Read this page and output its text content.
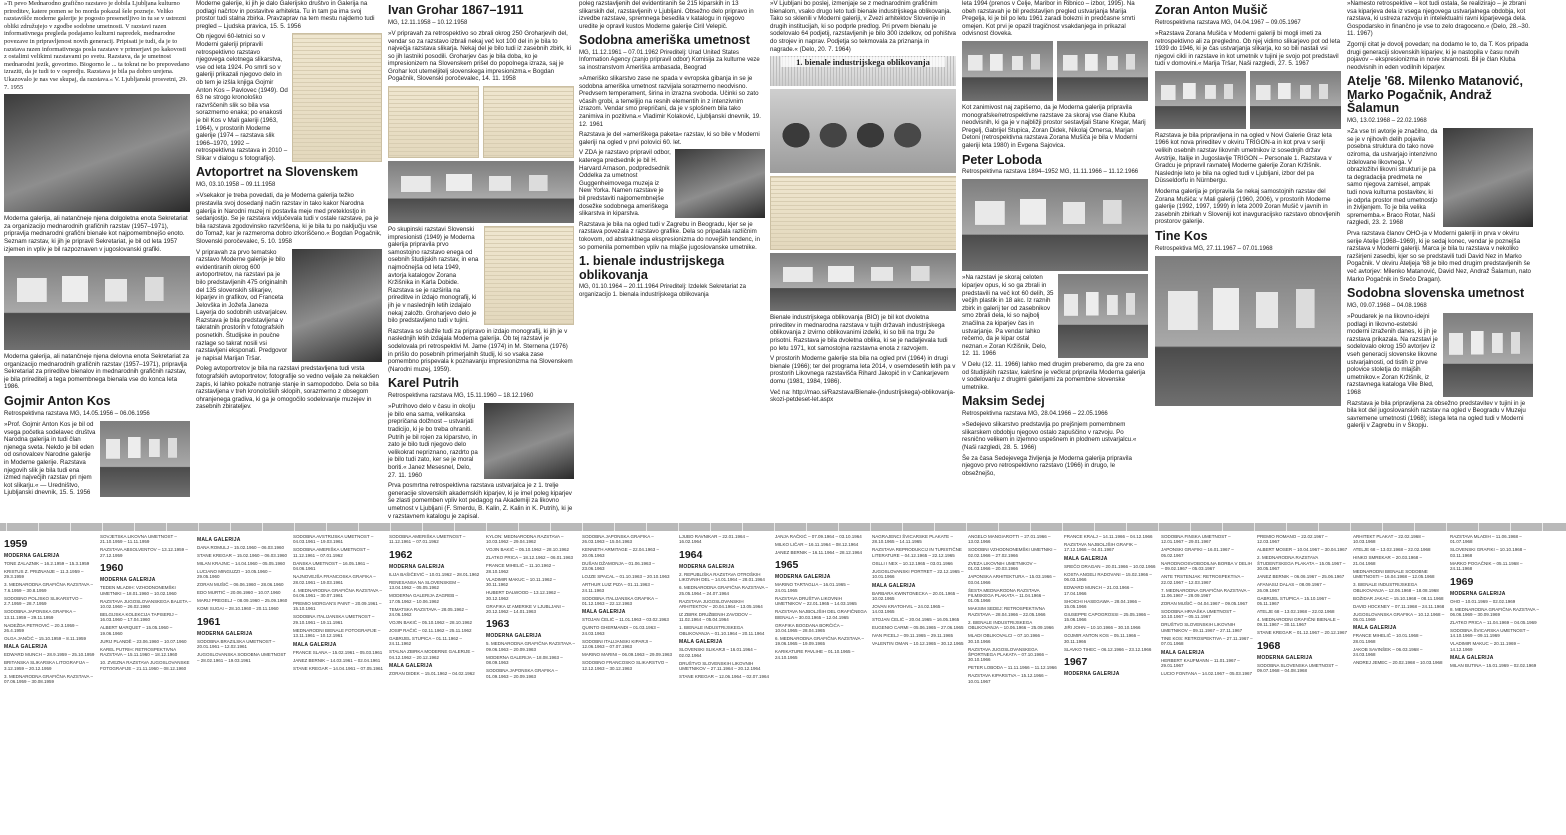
»Ti pevo Mednarodno grafično razstavo je dobila Ljubljana kulturno prireditev, katere pomen se bo morda pokazal šele pozneje. Veliko razstavišče moderne galerije je pogosto presenetljivo in tu se v ustrezni obliki združujejo v zgodbe sodobne umetnosti. V razstavi razen informativnega pregleda podajamo kulturni napredek, mednarodne povezave in pripravljenost novih generacij. Pripisati je tudi, da je to razstava razen informativnega posla razstave v primerjavi po kakovosti z ostalimi velikimi razstavami po svetu. Razstava, da je umetnost mednarodni jezik, govorimo. Biogorno le ... ta tokrat ne bo prepovedano izraziti, da je tudi to v ospredju. Razstava je bila pa dobro urejena. Ukazovalo je nas vse skupaj, da razstava.« V. Ljubljanski prosvetni, 29. 7. 1955

Moderna galerija, ali natančneje njena dolgoletna enota Sekretariat za organizacijo mednarodnih grafičnih razstav (1957–1971), pripravlja mednarodni grafični bienale kot najpomembnejšo enoto. Seznam razstav, ki jih je pripravil Sekretariat, je bil od leta 1957 izjemen in vpliv je bil razpoznaven v jugoslovanski grafiki.

Moderna galerija, ali natančneje njena delovna enota Sekretariat za organizacijo mednarodnih grafičnih razstav (1957–1971), pripravlja Sekretariat za prireditve bienalov in mednarodnih grafičnih razstav, je bila prireditelj a tega pomembnega bienala vse do konca leta 1986.

Gojmir Anton Kos

Retrospektivna razstava MG, 14.05.1956 – 06.06.1956

»Prof. Gojmir Anton Kos je bil od vsega početka sodelavec društva Narodna galerija in tudi član njenega sveta. Nekdo je bil eden od osnovalcev Narodne galerije in Moderne galerije. Razstava njegovih slik je bila tudi ena izmed največjih razstav pri njem kot slikarju.« — Uredništvo, Ljubljanski dnevnik, 15. 5. 1956

Moderne galerije, ki jih je dalo Galerijsko društvo in Galerija na podlagi načrtov in postavitve arhitekta. Tu in tam pa ima svoj prostor tudi stalna zbirka. Pravzaprav na tem mestu najdemo tudi pregled – Ljudska pravica, 15. 5. 1956

Ob njegovi 60-letnici so v Moderni galeriji pripravili retrospektivno razstavo njegovega celotnega slikarstva, vse od leta 1924. Po smrti so v galeriji prikazali njegovo delo in ob tem je izšla knjiga Gojmir Anton Kos – Pavlovec (1949). Od 63 ne strogo kronološko razvrščenih slik so bila vsa sorazmerno enaka; po enakosti je bil Kos v Mali galeriji (1963, 1964), v prostorih Moderne galerije (1974 – razstava slik 1966–1970, 1992 – retrospektivna razstava in 2010 – Slikar v dialogu s fotografijo).

Avtoportret na Slovenskem

MG, 03.10.1958 – 09.11.1958

»Vsekakor je treba povedati, da je Moderna galerija težko prestavila svoj dosedanji način razstav in tako kakor Narodna galerija in Narodni muzej ni postavila meje med preteklostjo in sedanjostjo. Se je razstava vključevala tudi v ostale razstave, pa je bila razstava zgodovinsko razvrščena, ki je bila tu po naključju vse do Tomaž, kar je razmeroma dobro izkoriščeno.« Bogdan Pogačnik, Slovenski poročevalec, 5. 10. 1958

V pripravah za prvo tematsko razstavo Moderne galerije je bilo evidentiranih okrog 600 avtoportretov, na razstavi pa je bilo predstavljenih 475 originalnih del 135 slovenskih slikarjev, kiparjev in grafikov, od Franceta Jelovška in Jožefa Janeza Layerja do sodobnih ustvarjalcev. Razstava je bila predstavljena v takratnih prostorih v fotografskih posnetkih. Študijske in poučne razlage so takrat nosili vsi razstavljeni eksponati. Predgovor je napisal Marijan Tršar.

Poleg avtoportretov je bila na razstavi predstavljena tudi vrsta fotografskih avtoportretov; fotografije so vedno veljale za nekakšen zapis, ki lahko pokaže notranje stanje in samopodobo. Dela so bila razstavljena v treh kronoloških sklopih, sorazmerno z obsegom ohranjenega gradiva, ki ga je omogočilo sodelovanje muzejev in zasebnih zbirateljev.

Ivan Grohar 1867–1911

MG, 12.11.1958 – 10.12.1958

»V pripravah za retrospektivo so zbrali okrog 250 Groharjevih del, vendar so za razstavo izbrali nekaj več kot 100 del in je bila to največja razstava slikarja. Nekaj del je bilo tudi iz zasebnih zbirk, ki so jih lastniki posodili. Groharjev čas je bila doba, ko je impresionizem na Slovenskem prišel do popolnega izraza, saj je Grohar kot utemeljitelj slovenskega impresionizma.« Bogdan Pogačnik, Slovenski poročevalec, 14. 11. 1958

Po skupinski razstavi Slovenski impresionisti (1949) je Moderna galerija pripravila prvo samostojno razstavo enega od osebnih študijskih razstav, in ena najmočnejša od leta 1949, avtorja katalogov Zorana Kržišnika in Karla Dobide. Razstava se je razširila na prireditve in izdajo monografij, ki jih je v naslednjih letih izdajalo nekaj založb. Groharjevo delo je bilo predstavljeno tudi v tujini.

Razstava so služile tudi za pripravo in izdajo monografij, ki jih je v naslednjih letih izdajala Moderna galerija. Ob tej razstavi je sodelovala pri retrospektivi M. Jame (1974) in M. Sternena (1976) in prišlo do posebnih primerjalnih študij, ki so vsaka zase pomembno prispevala k poznavanju impresionizma na Slovenskem (Narodni muzej, 1959).

Karel Putrih

Retrospektivna razstava MG, 15.11.1960 – 18.12.1960

»Putrihovo delo v času in okolju je bilo ena sama, velikanska prepričana dolžnost – ustvarjati tradicijo, ki je bo treba ohraniti. Putrih je bil rojen za kiparstvo, in zato je bilo tudi njegovo delo velikokrat nepriznano, razdrto pa je bilo tudi zato, ker se je moral boriti.« Janez Mesesnel, Delo, 27. 11. 1960

Prva posmrtna retrospektivna razstava ustvarjalca je z 1. trelje generacije slovenskih akademskih kiparjev, ki je imel poleg kiparjev še zlasti pomemben vpliv kot pedagog na Akademiji za likovno umetnost v Ljubljani (F. Smerdu, B. Kalin, Z. Kalin in K. Putrih), ki je v razstavnem katalogu je zapisal.

poleg razstavljenih del evidentiranih še 215 kiparskih in 13 slikarskih del, razstavljenih v Ljubljani. Obsežno delo pripravo in izvedbe razstave, spremnega besedila v katalogu in njegovo uredite je opravil kustos Moderne galerije Ciril Velepič.

Sodobna ameriška umetnost

MG, 11.12.1961 – 07.01.1962 Prireditelj: Urad United States Information Agency (zanjo pripravil odbor) Komisija za kulturne veze sa inostranstvom Ameriška ambasada, Beograd

»Ameriško slikarstvo zase ne spada v evropska gibanja in se je sodobna ameriška umetnost razvijala sorazmerno neodvisno. Predvsem temperament, širina in izrazna svoboda. Učinki so zato včasih grobi, a temeljijo na resnih elementih in z intenzivnim izrazom. Vendar smo prepričani, da je v splošnem bila tako zanimiva in pozitivna.« Vladimir Kolaković, Ljubljanski dnevnik, 19. 12. 1961

Razstava je del »ameriškega paketa« razstav, ki so bile v Moderni galeriji na ogled v prvi polovici 60. let.

V ZDA je razstavo pripravil odbor, katerega predsednik je bil H. Harvard Arnason, podpredsednik Oddelka za umetnost Guggenheimovega muzeja iz New Yorka. Namen razstave je bil predstaviti najpomembnejše dosežke sodobnega ameriškega slikarstva in kiparstva.

Razstava je bila na ogled tudi v Zagrebu in Beogradu, kjer se je razstava povezala z razstavo grafike. Dela so pripadala različnim tokovom, od abstraktnega ekspresionizma do novejših tendenc, in so pomenila pomemben vpliv na mlajše jugoslovanske umetnike.

1. bienale industrijskega oblikovanja

MG, 01.10.1964 – 20.11.1964 Prireditelj: Izdelek Sekretariat za organizacijo 1. bienala industrijskega oblikovanja

»V Ljubljani bo poslej, izmenjaje se z mednarodnim grafičnim bienalom, vsako drugo leto tudi bienale industrijskega oblikovanja. Tako so sklenili v Moderni galeriji, v Zvezi arhitektov Slovenije in drugih institucijah, ki so podprle predlog. Pri prvem bienalu je sodelovalo 64 podjetij, razstavljenih je bilo 300 izdelkov, od pohištva do strojev in naprav. Podjetja so tekmovala za priznanja in nagrade.« (Delo, 20. 7. 1964)

1. bienale industrijskega oblikovanja

Bienale industrijskega oblikovanja (BIO) je bil kot dvoletna prireditev in mednarodna razstava v tujih državah industrijskega oblikovanja z izvirno oblikovanimi izdelki, ki so bili na trgu že prisotni. Razstava je bila dvoletna oblika, ki se je nadaljevala tudi po letu 1971, kot samostojna razstavna enota z razvojem.

V prostorih Moderne galerije sta bila na ogled prvi (1964) in drugi bienale (1966); ter del programa leta 2014, v osemdesetih letih pa v prostorih Likovnega razstavišča Rihard Jakopič in v Cankarjevem domu (1981, 1984, 1986).

Več na: http://mao.si/Razstava/Bienale-(industrijskega)-oblikovanja-skozi-petdeset-let.aspx

leta 1994 (prenos v Celje, Maribor in Ribnico – izbor, 1995). Na obeh razstavah je bil predstavljen pregled ustvarjanja Marija Pregelja, ki je bil po letu 1961 zaradi bolezni in predčasne smrti omejen. Kot prvi je opazil tragičnost vsakdanjega in prikazal odvisnost človeka.

Kot zanimivost naj zapišemo, da je Moderna galerija pripravila monografske/retrospektivne razstave za skoraj vse člane Kluba neodvisnih, ki ga je v najbližji prostor sestavljali Stane Kregar, Marij Pregelj, Gabrijel Stupica, Zoran Didek, Nikolaj Omersa, Marjan Detoni (retrospektivna razstava Zorana Mušiča je bila v Moderni galeriji leta 1980) in Evgena Sajovica.

Peter Loboda

Retrospektivna razstava 1894–1952 MG, 11.11.1966 – 11.12.1966

»Na razstavi je skoraj celoten kiparjev opus, ki so ga zbrali in predstavili na več kot 60 delih, 35 večjih plastik in 18 akc. Iz raznih zbirk in galerij ter od zasebnikov smo zbrali dela, ki so najbolj značilna za kiparjev čas in ustvarjanje. Pa vendar lahko rečemo, da je kipar ostal neznan.« Zoran Kržišnik, Delo, 12. 11. 1966

V Delu (12. 11. 1966) lahko med drugim preberemo, da gre za eno od študijskih razstav, kakršne je večkrat pripravila Moderna galerija v sodelovanju z drugimi galerijami za pomembne slovenske umetnike.

Maksim Sedej

Retrospektivna razstava MG, 28.04.1966 – 22.05.1966

»Sedejevo slikarstvo predstavlja po prejšnjem pomembnem slikarskem obdobju njegovo ostalo zapuščino v razvoju. Po resnično velikem in izjemno uspešnem in plodnem ustvarjalcu.« (Naši razgledi, 28. 5. 1966)

Še za časa Sedejevega življenja je Moderna galerija pripravila njegovo prvo retrospektivno razstavo (1966) in drugo, le obsežnejšo,

Zoran Anton Mušič

Retrospektivna razstava MG, 04.04.1967 – 09.05.1967

»Razstava Zorana Mušiča v Moderni galeriji bi mogli imeti za retrospektivno ali za pregledno. Ob njej vidimo slikarjevo pot od leta 1939 do 1946, ki je čas ustvarjanja slikarja, ko so bili nastali vsi njegovi cikli in razstave in kot umetnik v tujini je svojo pot predstavil tudi v domovini.« Marija Tršar, Naši razgledi, 27. 5. 1967

Razstava je bila pripravljena in na ogled v Novi Galerie Graz leta 1966 kot nova prireditev v okviru TRIGON-a in kot prva v seriji velikih osebnih razstav likovnih umetnikov iz sosednjih držav Avstrije, Italije in Jugoslavije TRIGON – Personale 1. Razstava v Gradcu je pripravil ravnatelj Moderne galerije Zoran Kržišnik. Naslednje leto je bila na ogled tudi v Ljubljani, izbor del pa Düsseldorfu in Nürnbergu.

Moderna galerija je pripravila še nekaj samostojnih razstav del Zorana Mušiča: v Mali galeriji (1960, 2006), v prostorih Moderne galerije (1992, 1997, 1999) in leta 2009 Zoran Mušič v javnih in zasebnih zbirkah v Sloveniji kot inavguracijsko razstavo obnovljenih prostorov galerije.

Tine Kos

Retrospektiva MG, 27.11.1967 – 07.01.1968

»Namesto retrospektive – kot tudi ostala, še realizirajo – je zbrani vsa kiparjeva dela iz vsega njegovega ustvarjalnega obdobja, kot razstava, ki ustreza razvoju in intelektualni ravni kiparjevega dela. Gospodarsko in finančno je vse to zelo dragoceno.« (Delo, 28.–30. 11. 1967)

Zgornji citat je dovolj povedan; na dodamo le to, da T. Kos pripada drugi generaciji slovenskih kiparjev, ki je nastopila v času novih pojavov – ekspresionizma in nove stvarnosti. Bil je član Kluba neodvisnih in eden vodilnih kiparjev.

Atelje '68. Milenko Matanović, Marko Pogačnik, Andraž Šalamun

MG, 13.02.1968 – 22.02.1968

»Za vse tri avtorje je značilno, da se je v njihovih delih pojavila posebna struktura do tako nove oziroma, da ustvarjajo intenzivno izdelovane likovnega. V obrazložitvi likovni strukturi je pa ta degradacija predmeta ne samo njegova zamisel, ampak tudi nova kulturna postavitev, ki je odprla prostor med umetnostjo in življenjem. To je bila velika sprememba.« Braco Rotar, Naši razgledi, 23. 2. 1968

Prva razstava članov OHO-ja v Moderni galeriji in prva v okviru serije Atelje (1968–1969), ki je sedaj konec, vendar je poznejša razstava v Moderni galeriji. Marca je bila tu razstava v nekoliko razširjeni zasedbi, kjer so se predstavili tudi David Nez in Marko Pogačnik. V okviru Ateljeja '68 je bilo med drugim predstavljenih še več avtorjev: Milenko Matanović, David Nez, Andraž Šalamun, nato Marko Pogačnik in Srečo Dragan).

Sodobna slovenska umetnost

MG, 09.07.1968 – 04.08.1968

»Poudarek je na likovno-idejni podlagi in likovno-estetski moderni izraženih danes, ki jih je razstava prikazala. Na razstavi je sodelovalo okrog 150 avtorjev iz vseh generacij slovenske likovne ustvarjalnosti, od tistih iz prve polovice stoletja do mlajših umetnikov.« Zoran Kržišnik, iz razstavnega kataloga Vile Bled, 1968

Razstava je bila pripravljena za obsežno predstavitev v tujini in je bila kot del jugoslovanskih razstav na ogled v Beogradu v Muzeju savremene umetnosti (1968); istega leta na ogled tudi v Moderni galeriji v Zagrebu in v Skopju.

1959
MODERNA GALERIJA
TONE ZALAZNIK – 16.2.1959 – 15.3.1959
KRISTUS Z. PRIZNANJE – 11.3.1959 – 29.3.1959
3. MEDNARODNA GRAFIČNA RAZSTAVA – 7.6.1959 – 30.8.1959
SODOBNO POLJSKO SLIKARSTVO – 2.7.1959 – 28.7.1959
SODOBNA JAPONSKA GRAFIKA – 13.11.1959 – 29.11.1959
NADEŽDA PETROVIĆ – 20.3.1959 – 26.4.1959
OLGA JANČIĆ – 15.10.1959 – 8.11.1959
MALA GALERIJA
EDWARD MUNCH – 28.9.1959 – 25.10.1959
BRITANSKA SLIKARSKA LITOGRAFIJA – 3.12.1959 – 20.12.1959
3. MEDNARODNA GRAFIČNA RAZSTAVA – 07.06.1959 – 30.08.1959
SOVJETSKA LIKOVNA UMETNOST – 21.10.1959 – 11.11.1959
RAZSTAVA ABSOLVENTOV – 13.12.1959 – 27.12.1959
1960
MODERNA GALERIJA
TEDEN MLADIH: VZHODNONEMŠKI UMETNIKI – 18.01.1960 – 10.02.1960
RAZSTAVA JUGOSLOVANSKEGA BALETA – 10.02.1960 – 26.02.1960
BELGIJSKA KOLEKCIJA TAPISERIJ – 16.03.1960 – 17.04.1960
ALBERT MARQUET – 15.05.1960 – 19.06.1960
JURIJ PLANDÊ – 23.06.1960 – 10.07.1960
KAREL PUTRIH: RETROSPEKTIVNA RAZSTAVA – 15.11.1960 – 18.12.1960
10. ZVEZNA RAZSTAVA JUGOSLOVANSKE FOTOGRAFIJE – 21.11.1960 – 08.12.1960
MALA GALERIJA
DANA ROMULJ – 15.02.1960 – 06.03.1960
STANE KREGAR – 15.02.1960 – 06.03.1960
MILAN KRAJNC – 14.04.1960 – 05.05.1960
LUCIANO MINGUZZI – 10.05.1960 – 29.05.1960
ZORAN MUŠIČ – 06.06.1960 – 28.06.1960
EDO MURTIĆ – 20.06.1960 – 10.07.1960
MARIJ PREGELJ – 08.09.1960 – 25.09.1960
KOMI SUGAI – 28.10.1960 – 20.11.1960
1961
MODERNA GALERIJA
SODOBNA BRAZILSKA UMETNOST – 20.01.1961 – 12.02.1961
JUGOSLOVANSKA SODOBNA UMETNOST – 28.02.1961 – 19.03.1961
SODOBNA AVSTRIJSKA UMETNOST – 04.03.1961 – 19.03.1961
SODOBNA AMERIŠKA UMETNOST – 11.12.1961 – 07.01.1962
DANSKA UMETNOST – 16.05.1961 – 04.06.1961
NAJNOVEJŠA FRANCOSKA GRAFIKA – 28.02.1961 – 19.03.1961
4. MEDNARODNA GRAFIČNA RAZSTAVA – 04.06.1961 – 30.07.1961
PREMIO MORGAN'S PAINT – 20.09.1961 – 15.10.1961
SODOBNA ITALIJANSKA UMETNOST – 29.10.1961 – 19.11.1961
MEDNARODNI BIENALE FOTOGRAFIJE – 13.11.1961 – 10.12.1961
MALA GALERIJA
FRANCE SLANA – 15.02.1961 – 05.03.1961
JANEZ BERNIK – 14.03.1961 – 02.04.1961
STANE KREGAR – 14.04.1961 – 07.05.1961
SODOBNA AMERIŠKA UMETNOST – 11.12.1961 – 07.01.1962
1962
MODERNA GALERIJA
ILIJA BAŠIČEVIĆ – 10.01.1962 – 28.01.1962
RENESANSA NA SLOVENSKEM – 13.04.1962 – 05.05.1962
MODERNA GALERIJA ZAGREB – 17.05.1962 – 10.06.1962
TEMATSKA RAZSTAVA – 28.05.1962 – 24.06.1962
VOJIN BAKIĆ – 05.10.1962 – 28.10.1962
JOSIP RAČIĆ – 02.11.1962 – 25.11.1962
GABRIJEL STUPICA – 01.11.1962 – 24.11.1962
STALNA ZBIRKA MODERNE GALERIJE – 04.12.1962 – 20.12.1962
MALA GALERIJA
ZORAN DIDEK – 15.01.1962 – 04.02.1962
KYLON: MEDNARODNA RAZSTAVA – 10.03.1962 – 29.04.1962
VOJIN BAKIĆ – 05.10.1962 – 28.10.1962
ZLATKO PRICA – 18.12.1962 – 06.01.1963
FRANCE MIHELIČ – 11.10.1962 – 28.10.1962
VLADIMIR MAKUC – 10.11.1962 – 30.11.1962
HUBERT DALWOOD – 13.12.1962 – 30.12.1962
GRAFIKA IZ AMERIKE V LJUBLJANI – 20.12.1962 – 14.01.1963
1963
MODERNA GALERIJA
5. MEDNARODNA GRAFIČNA RAZSTAVA – 09.06.1963 – 20.09.1963
MODERNA GALERIJA – 18.08.1963 – 08.09.1963
SODOBNA JAPONSKA GRAFIKA – 01.09.1963 – 20.09.1963
SODOBNA JAPONSKA GRAFIKA – 26.03.1963 – 15.04.1963
KENNETH ARMITAGE – 22.04.1963 – 20.05.1963
DUŠAN DŽAMONJA – 01.06.1963 – 23.06.1963
LOJZE SPACAL – 01.10.1963 – 20.10.1963
ARTHUR LUIZ PIZA – 01.11.1963 – 24.11.1963
SODOBNA ITALIJANSKA GRAFIKA – 01.12.1963 – 22.12.1963
MALA GALERIJA
STOJAN ĆELIĆ – 11.01.1963 – 03.02.1963
QUINTO GHERMANDI – 01.03.1963 – 24.03.1963
SODOBNI ITALIJANSKI KIPARJI – 12.06.1963 – 07.07.1963
MARINO MARINI – 06.09.1963 – 29.09.1963
SODOBNO FRANCOSKO SLIKARSTVO – 12.12.1963 – 30.12.1963
LJUBO RAVNIKAR – 22.01.1964 – 16.02.1964
1964
MODERNA GALERIJA
2. REPUBLIŠKA RAZSTAVA OTROŠKIH LIKOVNIH DEL – 14.01.1964 – 28.01.1964
6. MEDNARODNA GRAFIČNA RAZSTAVA – 25.05.1964 – 24.07.1964
RAZSTAVA JUGOSLOVANSKIH ARHITEKTOV – 20.04.1964 – 13.05.1964
IZ ZBIRK DRUŽBENIH ZAVODOV – 11.02.1964 – 05.04.1964
1. BIENALE INDUSTRIJSKEGA OBLIKOVANJA – 01.10.1964 – 20.11.1964
MALA GALERIJA
SLOVENSKI SLIKARJI – 16.01.1964 – 02.02.1964
DRUŠTVO SLOVENSKIH LIKOVNIH UMETNIKOV – 27.11.1964 – 20.12.1964
STANE KREGAR – 12.06.1964 – 02.07.1964
JANJA RAČKIĆ – 07.09.1964 – 03.10.1964
MILKO LIČAR – 16.11.1964 – 08.12.1964
JANEZ BERNIK – 16.11.1964 – 28.12.1964
1965
MODERNA GALERIJA
MARINO TARTAGLIA – 16.01.1965 – 24.01.1965
RAZSTAVA DRUŠTVA LIKOVNIH UMETNIKOV – 22.01.1965 – 14.03.1965
RAZSTAVA NAJBOLJŠIH DEL GRAFIČNEGA BIENALA – 30.03.1965 – 12.04.1965
GRAFIKA BOGDANA BORČIĆA – 10.04.1965 – 28.04.1965
6. MEDNARODNA GRAFIČNA RAZSTAVA – 19.06.1965 – 19.09.1965
KARIKATURE PAVLIHE – 01.10.1965 – 24.10.1965
NAGRAJENCI ŠVICARSKE PLAKATE – 28.10.1965 – 14.11.1965
RAZSTAVA REPRODUKCIJ IN TURISTIČNE LITERATURE – 04.12.1965 – 22.12.1965
OSLLI I NEX – 10.12.1965 – 03.01.1966
JUGOSLOVANSKI PORTRET – 22.12.1965 – 10.01.1966
MALA GALERIJA
BARBARA KWINTONECKA – 20.01.1965 – 10.02.1965
JOVAN KRATOHVIL – 24.02.1965 – 14.03.1965
STOJAN ĆELIĆ – 20.04.1965 – 16.05.1965
EUGENIO CARMI – 05.06.1965 – 27.06.1965
IVAN PICELJ – 09.11.1965 – 29.11.1965
VALENTIN OMAN – 10.12.1965 – 30.12.1965
ANGELO MANGIAROTTI – 27.01.1966 – 13.02.1966
SODOBNI VZHODNONEMŠKI UMETNIKI – 02.02.1966 – 27.02.1966
ZVEZA LIKOVNIH UMETNIKOV – 01.03.1966 – 20.03.1966
JAPONSKA ARHITEKTURA – 15.03.1966 – 03.04.1966
ŠESTA MEDNARODNA RAZSTAVA FILMSKEGA PLAKATA – 11.04.1966 – 01.05.1966
MAKSIM SEDEJ: RETROSPEKTIVNA RAZSTAVA – 28.04.1966 – 22.05.1966
2. BIENALE INDUSTRIJSKEGA OBLIKOVANJA – 10.06.1966 – 25.09.1966
MLADI OBLIKOVALCI – 07.10.1966 – 30.10.1966
RAZSTAVA JUGOSLOVANSKEGA ŠPORTNEGA PLAKATA – 07.10.1966 – 30.10.1966
PETER LOBODA – 11.11.1966 – 11.12.1966
RAZSTAVA KIPARSTVA – 15.12.1966 – 10.01.1967
FRANCE KRALJ – 14.11.1966 – 04.12.1966
RAZSTAVA NAJBOLJŠIH GRAFIK – 17.12.1966 – 04.01.1967
MALA GALERIJA
SREČO DRAGAN – 20.01.1966 – 10.02.1966
KOSTA ANGELI RADOVANI – 15.02.1966 – 06.03.1966
EDWARD MUNCH – 21.03.1966 – 17.04.1966
SHOICHI HASEGAWA – 28.04.1966 – 15.05.1966
GIUSEPPE CAPOGROSSI – 25.05.1966 – 15.06.1966
JIŘI JOHN – 10.10.1966 – 30.10.1966
GOJMIR ANTON KOS – 05.11.1966 – 30.11.1966
SLAVKO TIHEC – 06.12.1966 – 23.12.1966
1967
MODERNA GALERIJA
SODOBNA FINSKA UMETNOST – 12.01.1967 – 29.01.1967
JAPONSKI GRAFIKI – 16.01.1967 – 05.02.1967
NARODNOOSVOBODILNA BORBA V DELIH – 09.02.1967 – 05.03.1967
ANTE TRSTENJAK: RETROSPEKTIVA – 22.02.1967 – 12.03.1967
7. MEDNARODNA GRAFIČNA RAZSTAVA – 11.06.1967 – 28.09.1967
ZORAN MUŠIČ – 04.04.1967 – 09.05.1967
SODOBNA HRVAŠKA UMETNOST – 10.10.1967 – 05.11.1967
DRUŠTVO SLOVENSKIH LIKOVNIH UMETNIKOV – 09.11.1967 – 27.11.1967
TINE KOS: RETROSPEKTIVA – 27.11.1967 – 07.01.1968
MALA GALERIJA
HERBERT KAUFMANN – 11.01.1967 – 29.01.1967
LUCIO FONTANA – 14.02.1967 – 05.03.1967
PREMIO ROMANO – 22.02.1967 – 12.03.1967
ALBERT MOSER – 10.04.1967 – 30.04.1967
2. MEDNARODNA RAZSTAVA ŠTUDENTSKEGA PLAKATA – 15.05.1967 – 30.05.1967
JANEZ BERNIK – 06.06.1967 – 25.06.1967
AFANASIJ DALAS – 08.09.1967 – 26.09.1967
GABRIJEL STUPICA – 15.10.1967 – 05.11.1967
ATELJE 68 – 13.02.1968 – 22.02.1968
4. MEDNARODNI GRAFIČNI BIENALE – 09.11.1967 – 30.11.1967
STANE KREGAR – 01.12.1967 – 20.12.1967
1968
MODERNA GALERIJA
SODOBNA SLOVENSKA UMETNOST – 09.07.1968 – 04.08.1968
ARHITEKT PLAKAT – 22.02.1968 – 10.03.1968
ATELJE 68 – 13.02.1968 – 22.02.1968
HINKO SMREKAR – 20.03.1968 – 21.04.1968
MEDNARODNI BIENALE SODOBNE UMETNOSTI – 16.04.1968 – 12.05.1968
3. BIENALE INDUSTRIJSKEGA OBLIKOVANJA – 12.06.1968 – 18.08.1968
BOŽIDAR JAKAC – 15.10.1968 – 08.11.1968
DAVID HOCKNEY – 07.11.1968 – 24.11.1968
JUGOSLOVANSKA GRAFIKA – 10.12.1968 – 05.01.1969
MALA GALERIJA
FRANCE MIHELIČ – 10.01.1968 – 28.01.1968
JAKOB SAVINŠEK – 06.03.1968 – 24.03.1968
ANDREJ JEMEC – 20.02.1968 – 10.03.1968
RAZSTAVA MLADIH – 11.06.1968 – 01.07.1968
SLOVENSKI GRAFIKI – 10.10.1968 – 03.11.1968
MARKO POGAČNIK – 05.11.1968 – 24.11.1968
1969
MODERNA GALERIJA
OHO – 10.01.1969 – 02.02.1969
8. MEDNARODNA GRAFIČNA RAZSTAVA – 06.06.1969 – 30.09.1969
ZLATKO PRICA – 11.04.1969 – 04.05.1969
SODOBNA ŠVICARSKA UMETNOST – 14.10.1969 – 09.11.1969
VLADIMIR MAKUC – 20.11.1969 – 14.12.1969
MALA GALERIJA
MILAN BUTINA – 15.01.1969 – 02.02.1969
